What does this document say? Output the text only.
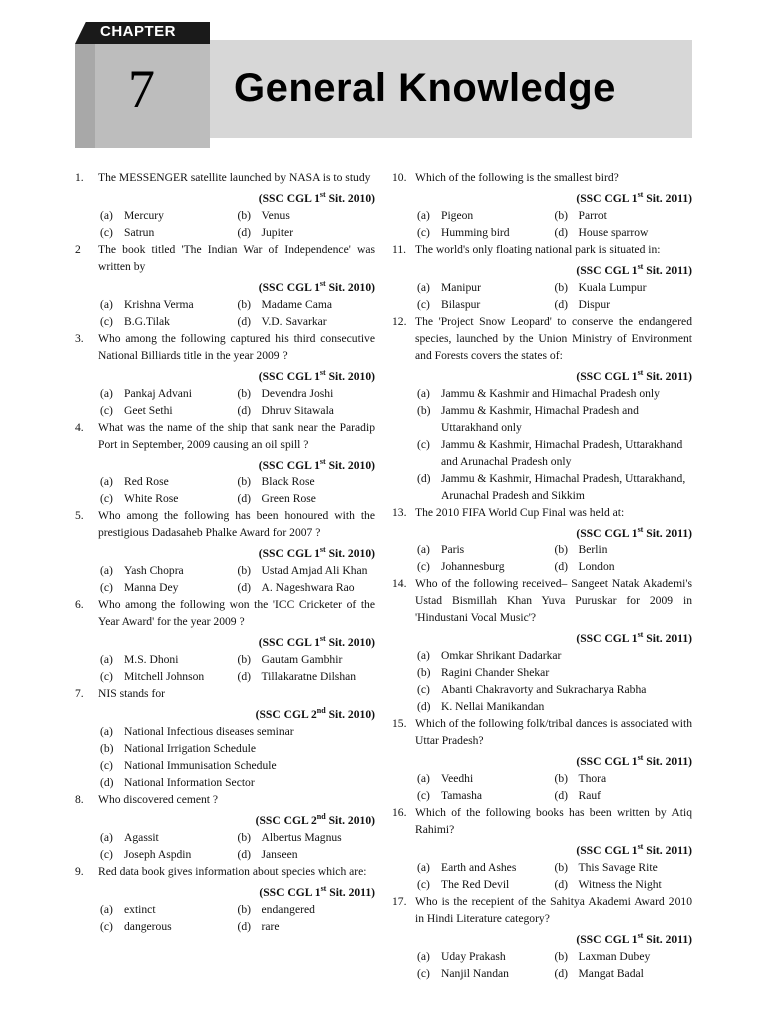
General Knowledge
CHAPTER
7
1. The MESSENGER satellite launched by NASA is to study
(SSC CGL 1st Sit. 2010)
(a) Mercury	(b) Venus
(c) Satrun	(d) Jupiter
2 The book titled 'The Indian War of Independence' was written by
(SSC CGL 1st Sit. 2010)
(a) Krishna Verma	(b) Madame Cama
(c) B.G.Tilak	(d) V.D. Savarkar
3. Who among the following captured his third consecutive National Billiards title in the year 2009 ?
(SSC CGL 1st Sit. 2010)
(a) Pankaj Advani	(b) Devendra Joshi
(c) Geet Sethi	(d) Dhruv Sitawala
4. What was the name of the ship that sank near the Paradip Port in September, 2009 causing an oil spill ?
(SSC CGL 1st Sit. 2010)
(a) Red Rose	(b) Black Rose
(c) White Rose	(d) Green Rose
5. Who among the following has been honoured with the prestigious Dadasaheb Phalke Award for 2007 ?
(SSC CGL 1st Sit. 2010)
(a) Yash Chopra	(b) Ustad Amjad Ali Khan
(c) Manna Dey	(d) A. Nageshwara Rao
6. Who among the following won the 'ICC Cricketer of the Year Award' for the year 2009 ?
(SSC CGL 1st Sit. 2010)
(a) M.S. Dhoni	(b) Gautam Gambhir
(c) Mitchell Johnson	(d) Tillakaratne Dilshan
7. NIS stands for
(SSC CGL 2nd Sit. 2010)
(a) National Infectious diseases seminar
(b) National Irrigation Schedule
(c) National Immunisation Schedule
(d) National Information Sector
8. Who discovered cement ?
(SSC CGL 2nd Sit. 2010)
(a) Agassit	(b) Albertus Magnus
(c) Joseph Aspdin	(d) Janseen
9. Red data book gives information about species which are:
(SSC CGL 1st Sit. 2011)
(a) extinct	(b) endangered
(c) dangerous	(d) rare
10. Which of the following is the smallest bird?
(SSC CGL 1st Sit. 2011)
(a) Pigeon	(b) Parrot
(c) Humming bird	(d) House sparrow
11. The world's only floating national park is situated in:
(SSC CGL 1st Sit. 2011)
(a) Manipur	(b) Kuala Lumpur
(c) Bilaspur	(d) Dispur
12. The 'Project Snow Leopard' to conserve the endangered species, launched by the Union Ministry of Environment and Forests covers the states of:
(SSC CGL 1st Sit. 2011)
(a) Jammu & Kashmir and Himachal Pradesh only
(b) Jammu & Kashmir, Himachal Pradesh and Uttarakhand only
(c) Jammu & Kashmir, Himachal Pradesh, Uttarakhand and Arunachal Pradesh only
(d) Jammu & Kashmir, Himachal Pradesh, Uttarakhand, Arunachal Pradesh and Sikkim
13. The 2010 FIFA World Cup Final was held at:
(SSC CGL 1st Sit. 2011)
(a) Paris	(b) Berlin
(c) Johannesburg	(d) London
14. Who of the following received– Sangeet Natak Akademi's Ustad Bismillah Khan Yuva Puruskar for 2009 in 'Hindustani Vocal Music'?
(SSC CGL 1st Sit. 2011)
(a) Omkar Shrikant Dadarkar
(b) Ragini Chander Shekar
(c) Abanti Chakravorty and Sukracharya Rabha
(d) K. Nellai Manikandan
15. Which of the following folk/tribal dances is associated with Uttar Pradesh?
(SSC CGL 1st Sit. 2011)
(a) Veedhi	(b) Thora
(c) Tamasha	(d) Rauf
16. Which of the following books has been written by Atiq Rahimi?
(SSC CGL 1st Sit. 2011)
(a) Earth and Ashes	(b) This Savage Rite
(c) The Red Devil	(d) Witness the Night
17. Who is the recepient of the Sahitya Akademi Award 2010 in Hindi Literature category?
(SSC CGL 1st Sit. 2011)
(a) Uday Prakash	(b) Laxman Dubey
(c) Nanjil Nandan	(d) Mangat Badal
